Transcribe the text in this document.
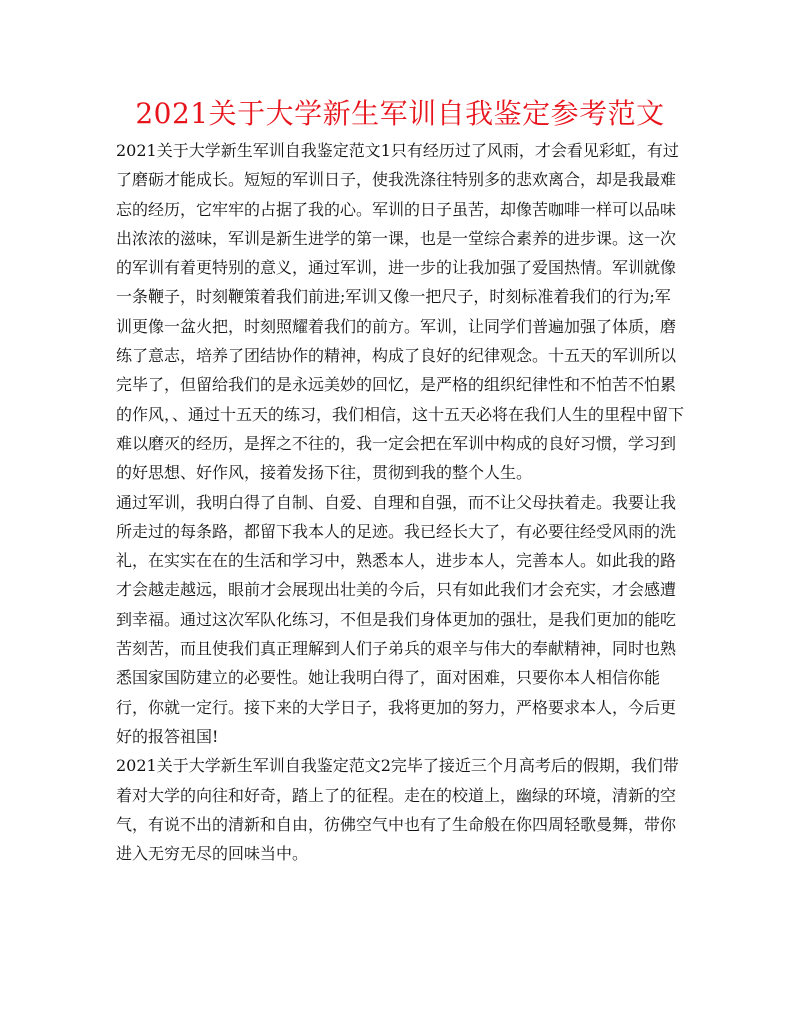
2021关于大学新生军训自我鉴定参考范文

2021关于大学新生军训自我鉴定范文1只有经历过了风雨，才会看见彩虹，有过了磨砺才能成长。短短的军训日子，使我洗涤往特别多的悲欢离合，却是我最难忘的经历，它牢牢的占据了我的心。军训的日子虽苦，却像苦咖啡一样可以品味出浓浓的滋味，军训是新生进学的第一课，也是一堂综合素养的进步课。这一次的军训有着更特别的意义，通过军训，进一步的让我加强了爱国热情。军训就像一条鞭子，时刻鞭策着我们前进;军训又像一把尺子，时刻标准着我们的行为;军训更像一盆火把，时刻照耀着我们的前方。军训，让同学们普遍加强了体质，磨练了意志，培养了团结协作的精神，构成了良好的纪律观念。十五天的军训所以完毕了，但留给我们的是永远美妙的回忆，是严格的组织纪律性和不怕苦不怕累的作风，、通过十五天的练习，我们相信，这十五天必将在我们人生的里程中留下难以磨灭的经历，是挥之不往的，我一定会把在军训中构成的良好习惯，学习到的好思想、好作风，接着发扬下往，贯彻到我的整个人生。

通过军训，我明白得了自制、自爱、自理和自强，而不让父母扶着走。我要让我所走过的每条路，都留下我本人的足迹。我已经长大了，有必要往经受风雨的洗礼，在实实在在的生活和学习中，熟悉本人，进步本人，完善本人。如此我的路才会越走越远，眼前才会展现出壮美的今后，只有如此我们才会充实，才会感遭到幸福。通过这次军队化练习，不但是我们身体更加的强壮，是我们更加的能吃苦刻苦，而且使我们真正理解到人们子弟兵的艰辛与伟大的奉献精神，同时也熟悉国家国防建立的必要性。她让我明白得了，面对困难，只要你本人相信你能行，你就一定行。接下来的大学日子，我将更加的努力，严格要求本人，今后更好的报答祖国!

2021关于大学新生军训自我鉴定范文2完毕了接近三个月高考后的假期，我们带着对大学的向往和好奇，踏上了的征程。走在的校道上，幽绿的环境，清新的空气，有说不出的清新和自由，彷佛空气中也有了生命般在你四周轻歌曼舞，带你进入无穷无尽的回味当中。
